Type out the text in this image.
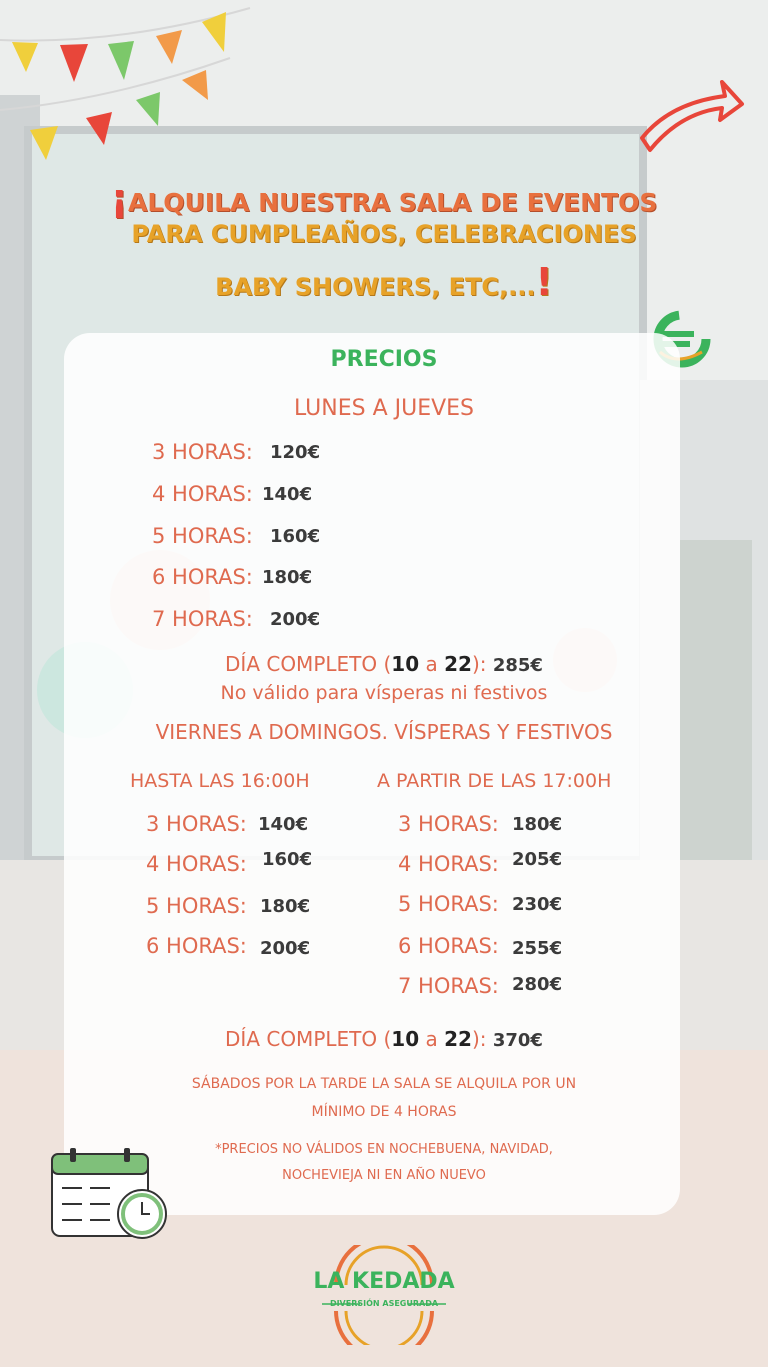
¡ALQUILA NUESTRA SALA DE EVENTOS
PARA CUMPLEAÑOS, CELEBRACIONES
BABY SHOWERS, ETC,...!
PRECIOS
LUNES A JUEVES
3 HORAS: 120€
4 HORAS: 140€
5 HORAS: 160€
6 HORAS: 180€
7 HORAS: 200€
DÍA COMPLETO (10 a 22): 285€
No válido para vísperas ni festivos
VIERNES A DOMINGOS. VÍSPERAS Y FESTIVOS
HASTA LAS 16:00H	A PARTIR DE LAS 17:00H
3 HORAS: 140€
4 HORAS: 160€
5 HORAS: 180€
6 HORAS: 200€
3 HORAS: 180€
4 HORAS: 205€
5 HORAS: 230€
6 HORAS: 255€
7 HORAS: 280€
DÍA COMPLETO (10 a 22): 370€
SÁBADOS POR LA TARDE LA SALA SE ALQUILA POR UN
MÍNIMO DE 4 HORAS
*PRECIOS NO VÁLIDOS EN NOCHEBUENA, NAVIDAD,
NOCHEVIEJA NI EN AÑO NUEVO
LA KEDADA
DIVERSIÓN ASEGURADA
